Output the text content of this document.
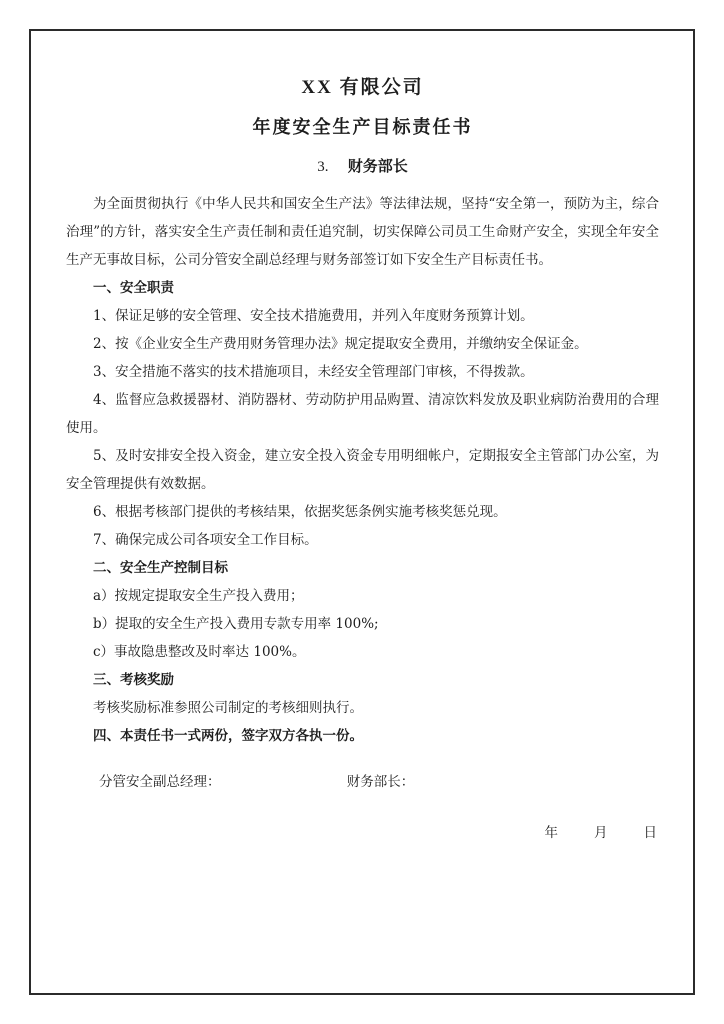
XX 有限公司
年度安全生产目标责任书
3. 财务部长

为全面贯彻执行《中华人民共和国安全生产法》等法律法规，坚持“安全第一，预防为主，综合治理”的方针，落实安全生产责任制和责任追究制，切实保障公司员工生命财产安全，实现全年安全生产无事故目标，公司分管安全副总经理与财务部签订如下安全生产目标责任书。

一、安全职责

1、保证足够的安全管理、安全技术措施费用，并列入年度财务预算计划。

2、按《企业安全生产费用财务管理办法》规定提取安全费用，并缴纳安全保证金。

3、安全措施不落实的技术措施项目，未经安全管理部门审核，不得拨款。

4、监督应急救援器材、消防器材、劳动防护用品购置、清凉饮料发放及职业病防治费用的合理使用。

5、及时安排安全投入资金，建立安全投入资金专用明细帐户，定期报安全主管部门办公室，为安全管理提供有效数据。

6、根据考核部门提供的考核结果，依据奖惩条例实施考核奖惩兑现。

7、确保完成公司各项安全工作目标。

二、安全生产控制目标

a）按规定提取安全生产投入费用；

b）提取的安全生产投入费用专款专用率 100%;

c）事故隐患整改及时率达 100%。

三、考核奖励

考核奖励标准参照公司制定的考核细则执行。

四、本责任书一式两份，签字双方各执一份。

分管安全副总经理：	财务部长：
年	月	日
